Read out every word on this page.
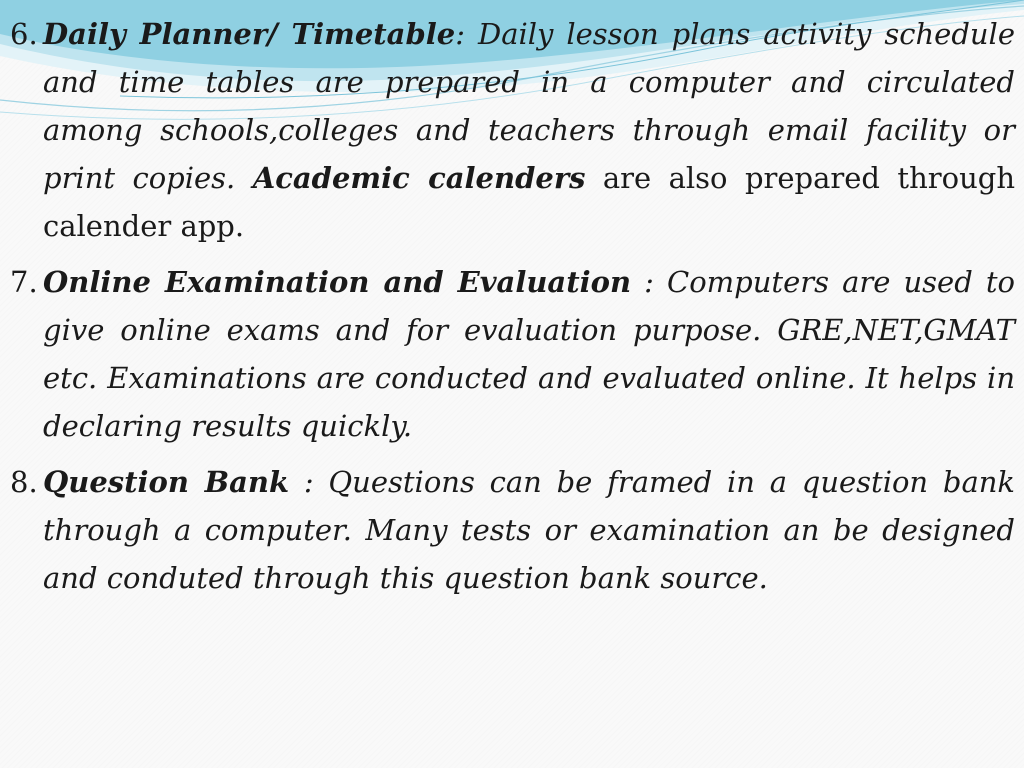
6. Daily Planner/ Timetable: Daily lesson plans activity schedule and time tables are prepared in a computer and circulated among schools,colleges and teachers through email facility or print copies. Academic calenders are also prepared through calender app.
7. Online Examination and Evaluation : Computers are used to give online exams and for evaluation purpose. GRE,NET,GMAT etc. Examinations are conducted and evaluated online. It helps in declaring results quickly.
8. Question Bank : Questions can be framed in a question bank through a computer. Many tests or examination an be designed and conduted through this question bank source.
